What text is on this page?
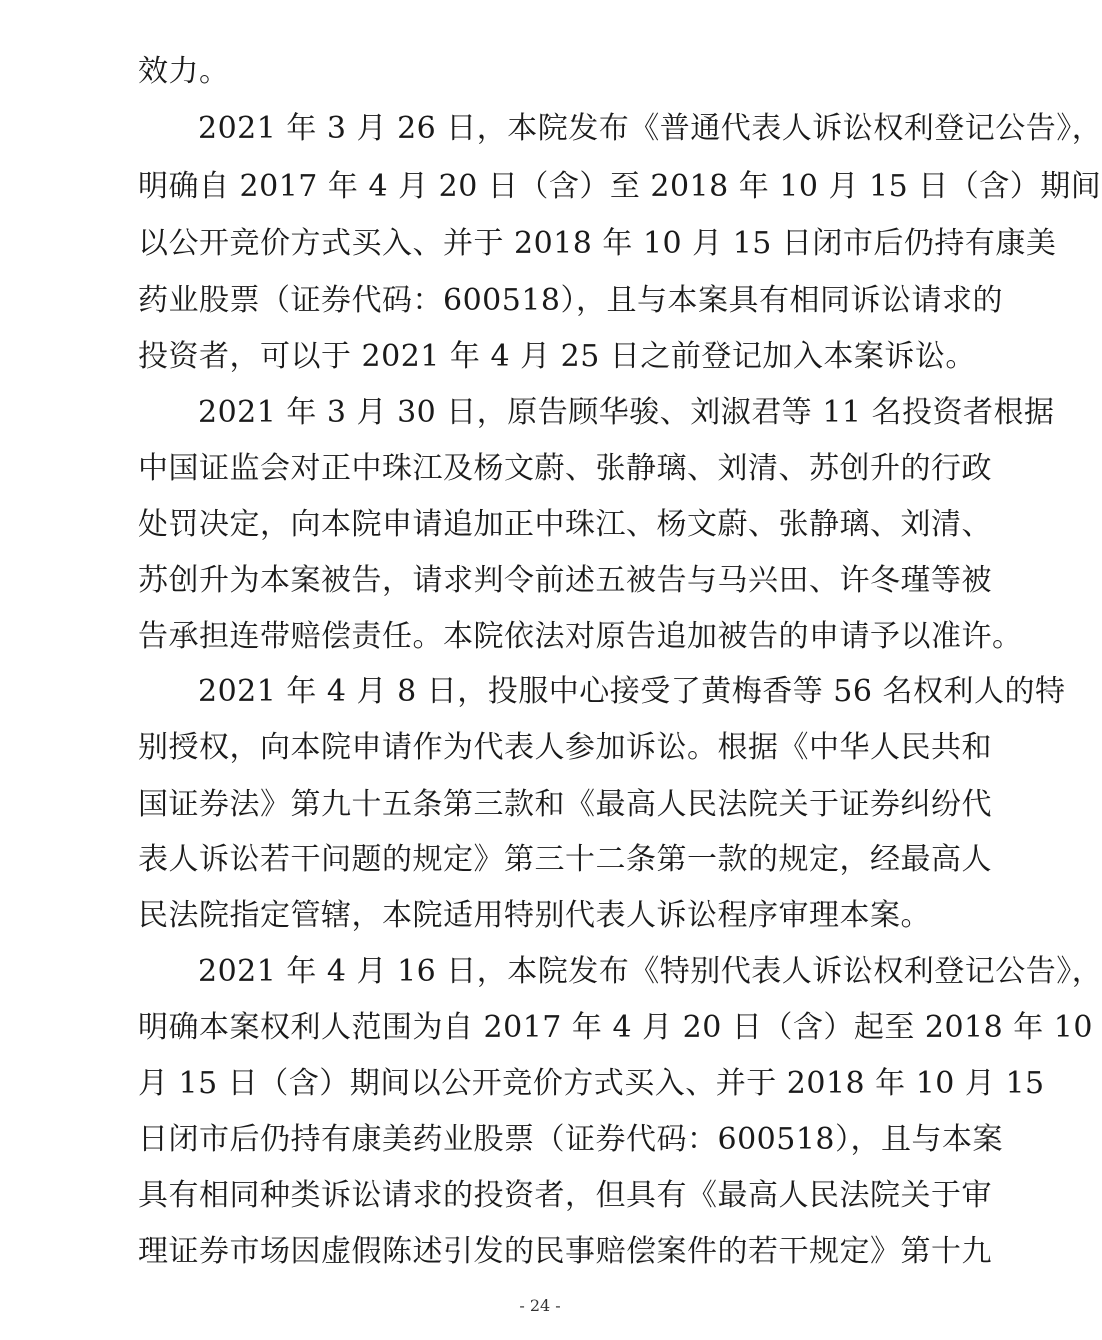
效力。
2021 年 3 月 26 日，本院发布《普通代表人诉讼权利登记公告》，
明确自 2017 年 4 月 20 日（含）至 2018 年 10 月 15 日（含）期间
以公开竞价方式买入、并于 2018 年 10 月 15 日闭市后仍持有康美
药业股票（证券代码：600518），且与本案具有相同诉讼请求的
投资者，可以于 2021 年 4 月 25 日之前登记加入本案诉讼。
2021 年 3 月 30 日，原告顾华骏、刘淑君等 11 名投资者根据
中国证监会对正中珠江及杨文蔚、张静璃、刘清、苏创升的行政
处罚决定，向本院申请追加正中珠江、杨文蔚、张静璃、刘清、
苏创升为本案被告，请求判令前述五被告与马兴田、许冬瑾等被
告承担连带赔偿责任。本院依法对原告追加被告的申请予以准许。
2021 年 4 月 8 日，投服中心接受了黄梅香等 56 名权利人的特
别授权，向本院申请作为代表人参加诉讼。根据《中华人民共和
国证券法》第九十五条第三款和《最高人民法院关于证券纠纷代
表人诉讼若干问题的规定》第三十二条第一款的规定，经最高人
民法院指定管辖，本院适用特别代表人诉讼程序审理本案。
2021 年 4 月 16 日，本院发布《特别代表人诉讼权利登记公告》，
明确本案权利人范围为自 2017 年 4 月 20 日（含）起至 2018 年 10
月 15 日（含）期间以公开竞价方式买入、并于 2018 年 10 月 15
日闭市后仍持有康美药业股票（证券代码：600518），且与本案
具有相同种类诉讼请求的投资者，但具有《最高人民法院关于审
理证券市场因虚假陈述引发的民事赔偿案件的若干规定》第十九
- 24 -
